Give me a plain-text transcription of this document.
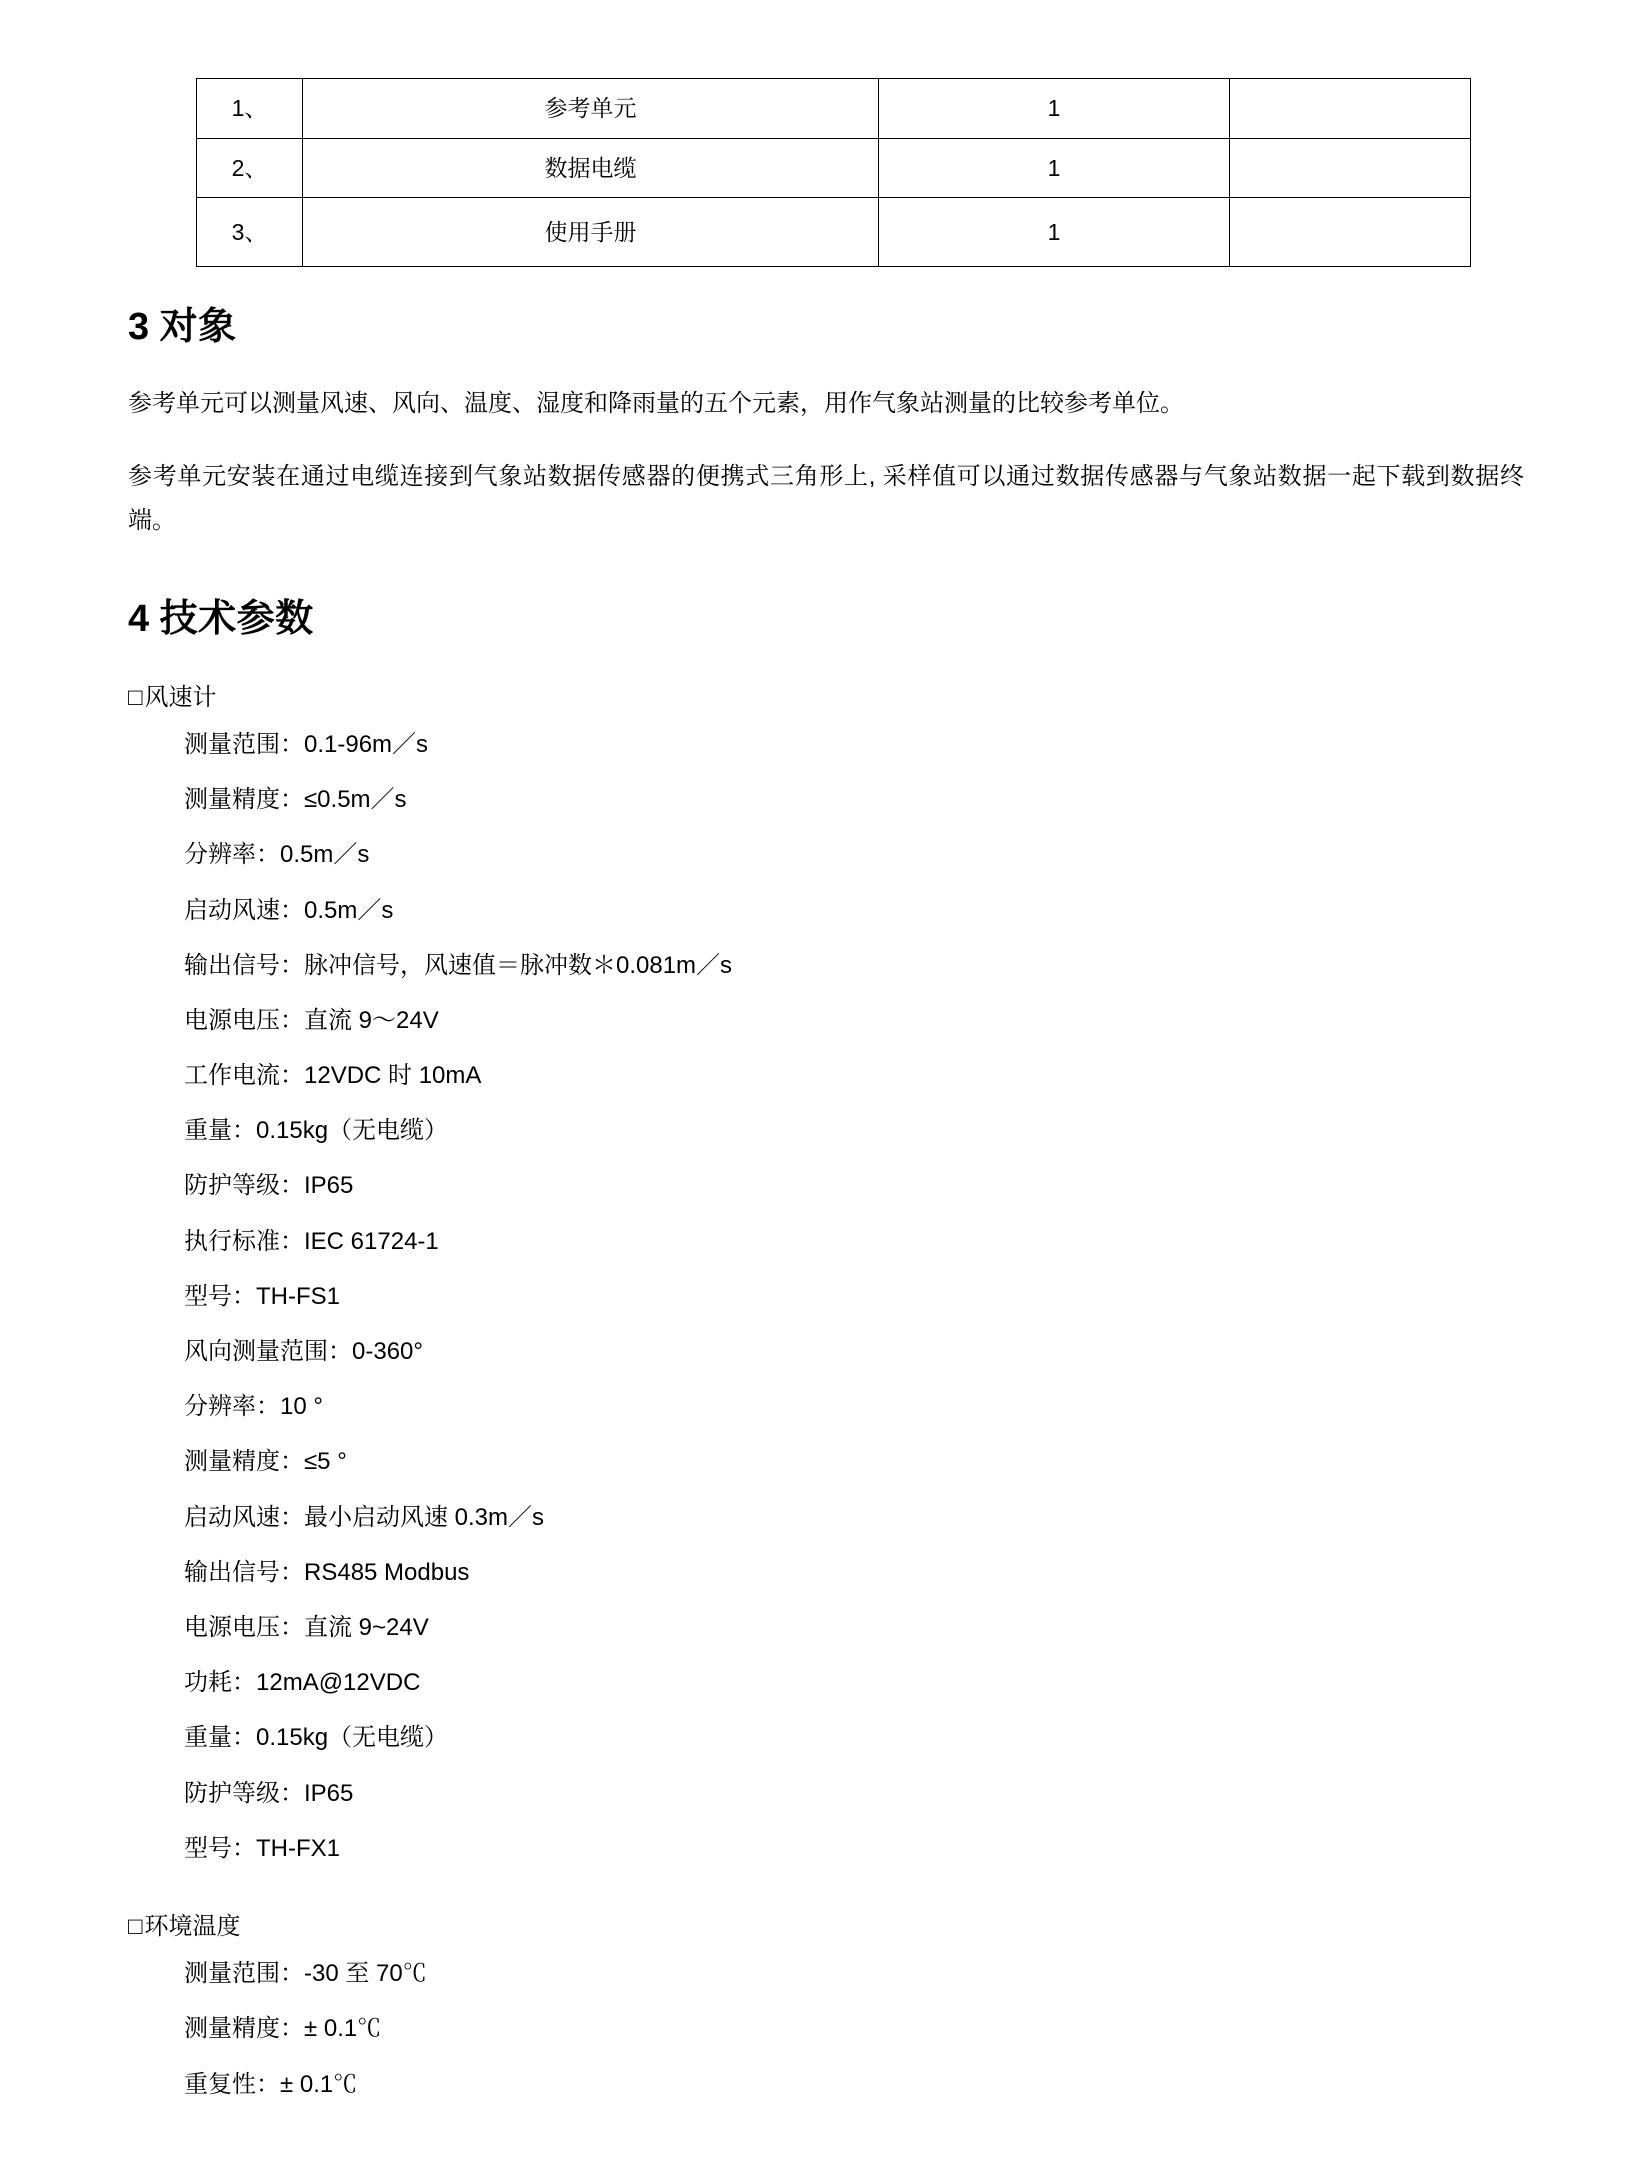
1、	参考单元	1	
2、	数据电缆	1	
3、	使用手册	1	
3 对象

参考单元可以测量风速、风向、温度、湿度和降雨量的五个元素，用作气象站测量的比较参考单位。

参考单元安装在通过电缆连接到气象站数据传感器的便携式三角形上, 采样值可以通过数据传感器与气象站数据一起下载到数据终端。

4 技术参数
□风速计
测量范围：0.1-96m／s
测量精度：≤0.5m／s
分辨率：0.5m／s
启动风速：0.5m／s
输出信号：脉冲信号，风速值＝脉冲数＊0.081m／s
电源电压：直流 9～24V
工作电流：12VDC 时 10mA
重量：0.15kg（无电缆）
防护等级：IP65
执行标准：IEC 61724-1
型号：TH-FS1
风向测量范围：0-360°
分辨率：10 °
测量精度：≤5 °
启动风速：最小启动风速 0.3m／s
输出信号：RS485 Modbus
电源电压：直流 9~24V
功耗：12mA@12VDC
重量：0.15kg（无电缆）
防护等级：IP65
型号：TH-FX1
□环境温度
测量范围：-30 至 70℃
测量精度：± 0.1℃
重复性：± 0.1℃
